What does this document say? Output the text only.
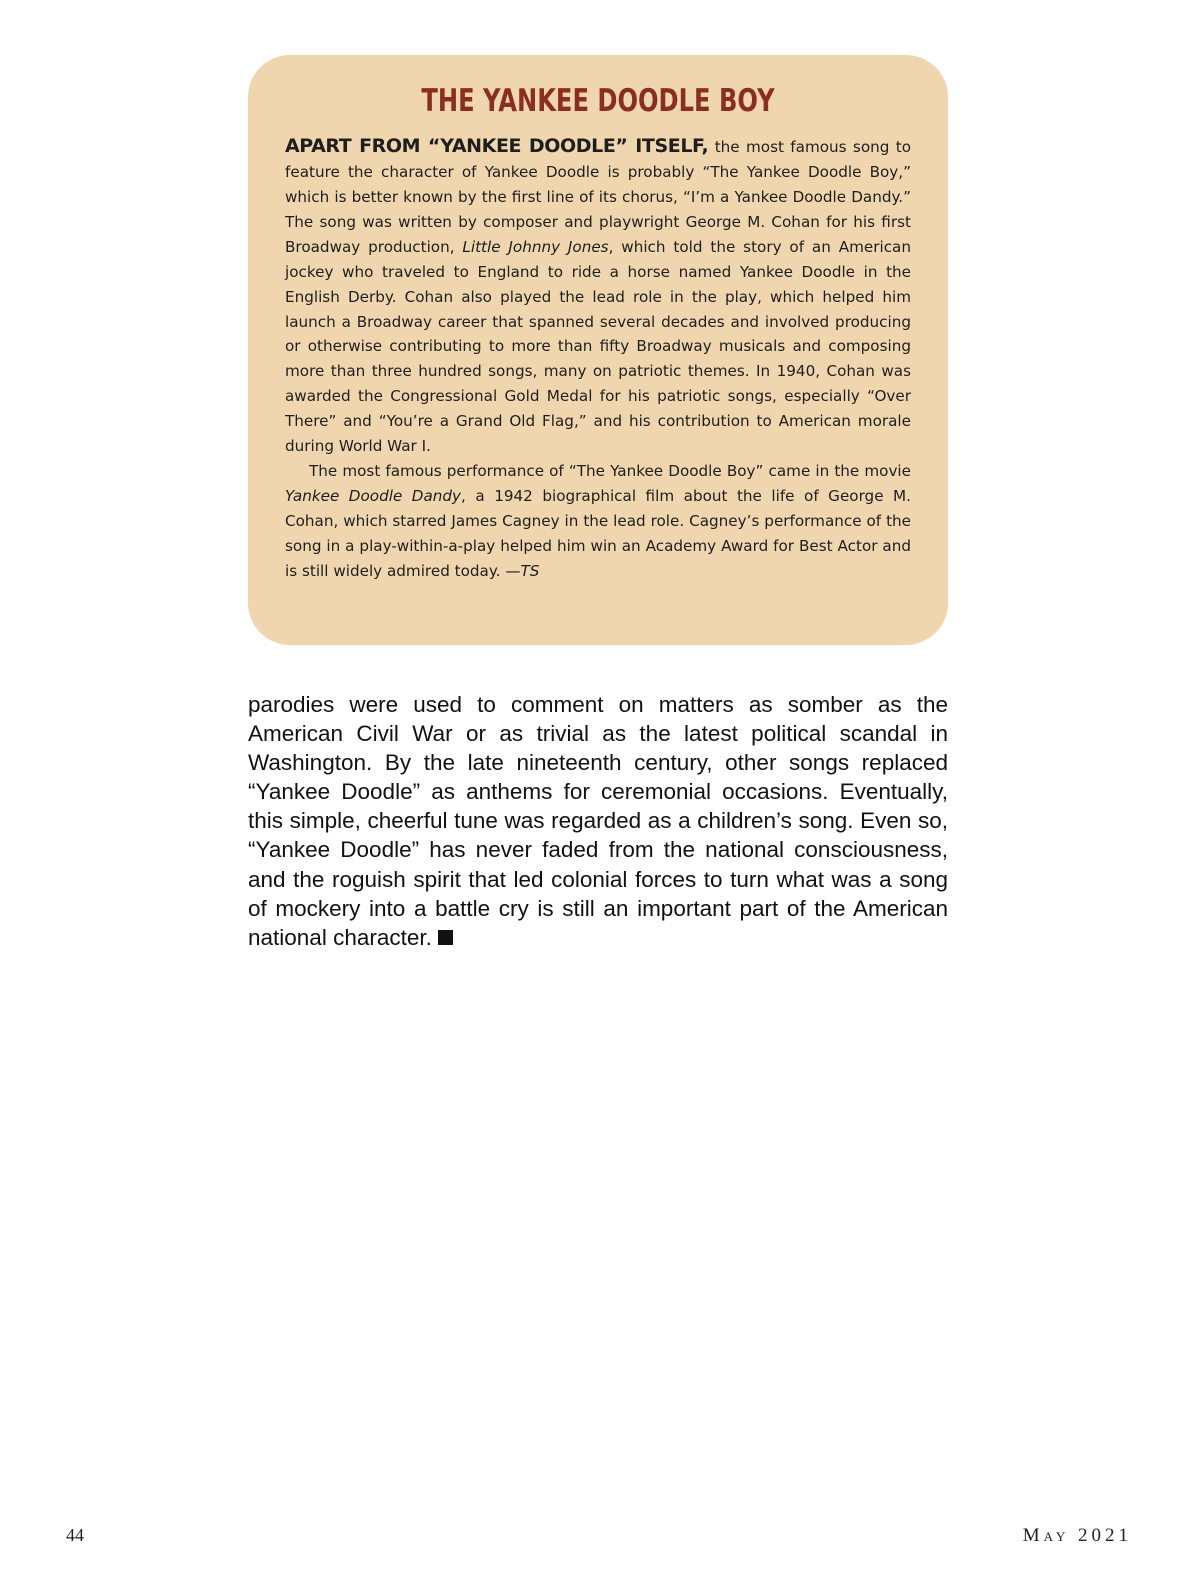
THE YANKEE DOODLE BOY

APART FROM “YANKEE DOODLE” ITSELF, the most famous song to feature the character of Yankee Doodle is probably “The Yankee Doodle Boy,” which is better known by the first line of its chorus, “I’m a Yankee Doodle Dandy.” The song was written by composer and playwright George M. Cohan for his first Broadway production, Little Johnny Jones, which told the story of an American jockey who traveled to England to ride a horse named Yankee Doodle in the English Derby. Cohan also played the lead role in the play, which helped him launch a Broadway career that spanned several decades and involved producing or otherwise contributing to more than fifty Broadway musicals and composing more than three hundred songs, many on patriotic themes. In 1940, Cohan was awarded the Congressional Gold Medal for his patriotic songs, especially “Over There” and “You’re a Grand Old Flag,” and his contribution to American morale during World War I.

The most famous performance of “The Yankee Doodle Boy” came in the movie Yankee Doodle Dandy, a 1942 biographical film about the life of George M. Cohan, which starred James Cagney in the lead role. Cagney’s performance of the song in a play-within-a-play helped him win an Academy Award for Best Actor and is still widely admired today. —TS

parodies were used to comment on matters as somber as the American Civil War or as trivial as the latest political scandal in Washington. By the late nineteenth century, other songs replaced “Yankee Doodle” as anthems for ceremonial occasions. Eventually, this simple, cheerful tune was regarded as a children’s song. Even so, “Yankee Doodle” has never faded from the national consciousness, and the roguish spirit that led colonial forces to turn what was a song of mockery into a battle cry is still an important part of the American national character.

44	May 2021
